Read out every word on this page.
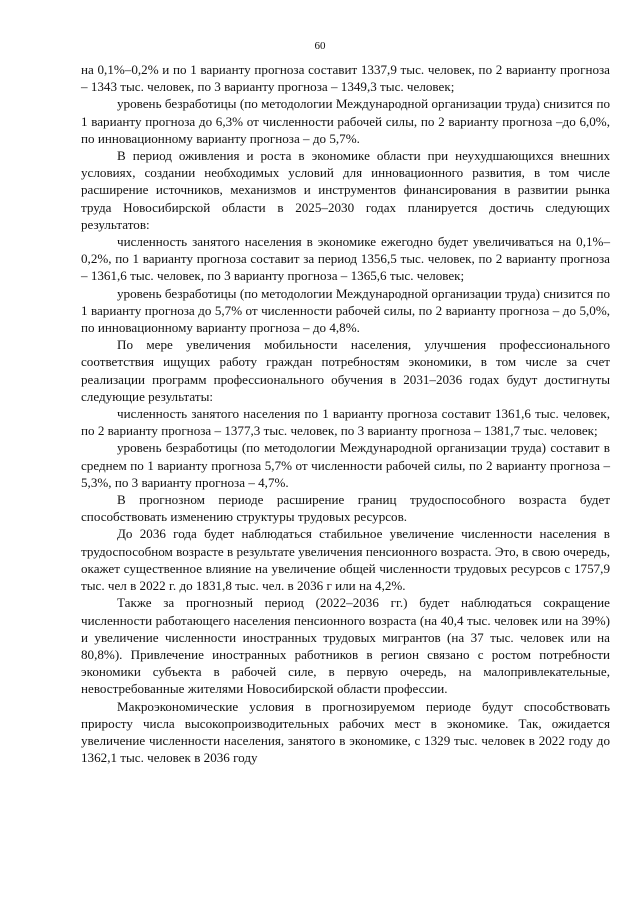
60

на 0,1%–0,2% и по 1 варианту прогноза составит 1337,9 тыс. человек, по 2 варианту прогноза – 1343 тыс. человек, по 3 варианту прогноза – 1349,3 тыс. человек;

уровень безработицы (по методологии Международной организации труда) снизится по 1 варианту прогноза до 6,3% от численности рабочей силы, по 2 варианту прогноза –до 6,0%, по инновационному варианту прогноза – до 5,7%.

В период оживления и роста в экономике области при неухудшающихся внешних условиях, создании необходимых условий для инновационного развития, в том числе расширение источников, механизмов и инструментов финансирования в развитии рынка труда Новосибирской области в 2025–2030 годах планируется достичь следующих результатов:

численность занятого населения в экономике ежегодно будет увеличиваться на 0,1%–0,2%, по 1 варианту прогноза составит за период 1356,5 тыс. человек, по 2 варианту прогноза – 1361,6 тыс. человек, по 3 варианту прогноза – 1365,6 тыс. человек;

уровень безработицы (по методологии Международной организации труда) снизится по 1 варианту прогноза до 5,7% от численности рабочей силы, по 2 варианту прогноза – до 5,0%, по инновационному варианту прогноза – до 4,8%.

По мере увеличения мобильности населения, улучшения профессионального соответствия ищущих работу граждан потребностям экономики, в том числе за счет реализации программ профессионального обучения в 2031–2036 годах будут достигнуты следующие результаты:

численность занятого населения по 1 варианту прогноза составит 1361,6 тыс. человек, по 2 варианту прогноза – 1377,3 тыс. человек, по 3 варианту прогноза – 1381,7 тыс. человек;

уровень безработицы (по методологии Международной организации труда) составит в среднем по 1 варианту прогноза 5,7% от численности рабочей силы, по 2 варианту прогноза – 5,3%, по 3 варианту прогноза – 4,7%.

В прогнозном периоде расширение границ трудоспособного возраста будет способствовать изменению структуры трудовых ресурсов.

До 2036 года будет наблюдаться стабильное увеличение численности населения в трудоспособном возрасте в результате увеличения пенсионного возраста. Это, в свою очередь, окажет существенное влияние на увеличение общей численности трудовых ресурсов с 1757,9 тыс. чел в 2022 г. до 1831,8 тыс. чел. в 2036 г или на 4,2%.

Также за прогнозный период (2022–2036 гг.) будет наблюдаться сокращение численности работающего населения пенсионного возраста (на 40,4 тыс. человек или на 39%) и увеличение численности иностранных трудовых мигрантов (на 37 тыс. человек или на 80,8%). Привлечение иностранных работников в регион связано с ростом потребности экономики субъекта в рабочей силе, в первую очередь, на малопривлекательные, невостребованные жителями Новосибирской области профессии.

Макроэкономические условия в прогнозируемом периоде будут способствовать приросту числа высокопроизводительных рабочих мест в экономике. Так, ожидается увеличение численности населения, занятого в экономике, с 1329 тыс. человек в 2022 году до 1362,1 тыс. человек в 2036 году
